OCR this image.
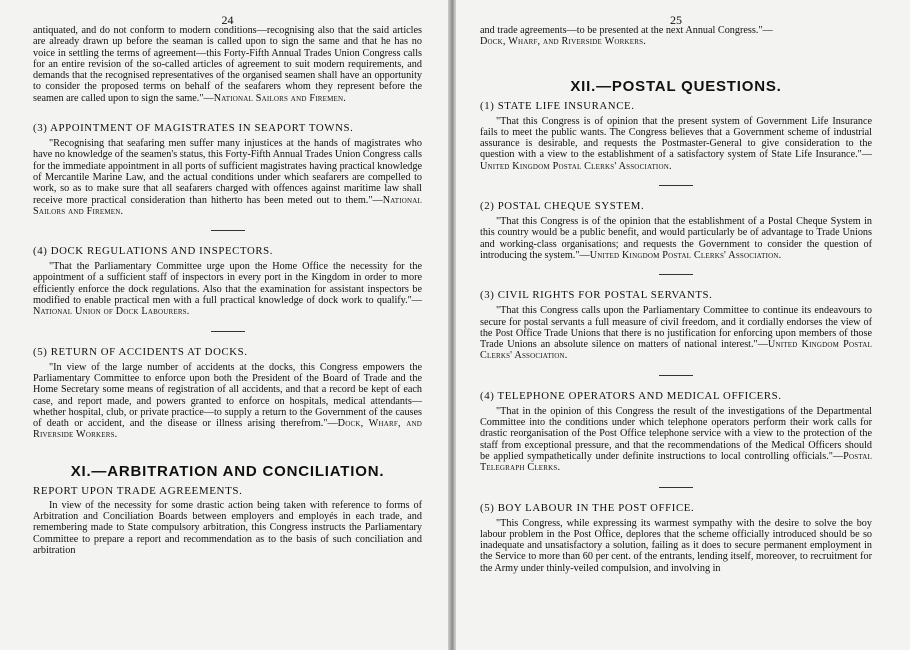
24

antiquated, and do not conform to modern conditions—recognising also that the said articles are already drawn up before the seaman is called upon to sign the same and that he has no voice in settling the terms of agreement—this Forty-Fifth Annual Trades Union Congress calls for an entire revision of the so-called articles of agreement to suit modern requirements, and demands that the recognised representatives of the organised seamen shall have an opportunity to consider the proposed terms on behalf of the seafarers whom they represent before the seamen are called upon to sign the same."—National Sailors and Firemen.

(3) APPOINTMENT OF MAGISTRATES IN SEAPORT TOWNS.

"Recognising that seafaring men suffer many injustices at the hands of magistrates who have no knowledge of the seamen's status, this Forty-Fifth Annual Trades Union Congress calls for the immediate appointment in all ports of sufficient magistrates having practical knowledge of Mercantile Marine Law, and the actual conditions under which seafarers are compelled to work, so as to make sure that all seafarers charged with offences against maritime law shall receive more practical consideration than hitherto has been meted out to them."—National Sailors and Firemen.

(4) DOCK REGULATIONS AND INSPECTORS.

"That the Parliamentary Committee urge upon the Home Office the necessity for the appointment of a sufficient staff of inspectors in every port in the Kingdom in order to more efficiently enforce the dock regulations. Also that the examination for assistant inspectors be modified to enable practical men with a full practical knowledge of dock work to qualify."—National Union of Dock Labourers.

(5) RETURN OF ACCIDENTS AT DOCKS.

"In view of the large number of accidents at the docks, this Congress empowers the Parliamentary Committee to enforce upon both the President of the Board of Trade and the Home Secretary some means of registration of all accidents, and that a record be kept of each case, and report made, and powers granted to enforce on hospitals, medical attendants—whether hospital, club, or private practice—to supply a return to the Government of the causes of death or accident, and the disease or illness arising therefrom."—Dock, Wharf, and Riverside Workers.

XI.—ARBITRATION AND CONCILIATION.
REPORT UPON TRADE AGREEMENTS.

In view of the necessity for some drastic action being taken with reference to forms of Arbitration and Conciliation Boards between employers and employés in each trade, and remembering made to State compulsory arbitration, this Congress instructs the Parliamentary Committee to prepare a report and recommendation as to the basis of such conciliation and arbitration

25

and trade agreements—to be presented at the next Annual Congress."—
Dock, Wharf, and Riverside Workers.

XII.—POSTAL QUESTIONS.
(1) STATE LIFE INSURANCE.

"That this Congress is of opinion that the present system of Government Life Insurance fails to meet the public wants. The Congress believes that a Government scheme of industrial assurance is desirable, and requests the Postmaster-General to give consideration to the question with a view to the establishment of a satisfactory system of State Life Insurance."—United Kingdom Postal Clerks' Association.

(2) POSTAL CHEQUE SYSTEM.

"That this Congress is of the opinion that the establishment of a Postal Cheque System in this country would be a public benefit, and would particularly be of advantage to Trade Unions and working-class organisations; and requests the Government to consider the question of introducing the system."—United Kingdom Postal Clerks' Association.

(3) CIVIL RIGHTS FOR POSTAL SERVANTS.

"That this Congress calls upon the Parliamentary Committee to continue its endeavours to secure for postal servants a full measure of civil freedom, and it cordially endorses the view of the Post Office Trade Unions that there is no justification for enforcing upon members of those Trade Unions an absolute silence on matters of national interest."—United Kingdom Postal Clerks' Association.

(4) TELEPHONE OPERATORS AND MEDICAL OFFICERS.

"That in the opinion of this Congress the result of the investigations of the Departmental Committee into the conditions under which telephone operators perform their work calls for drastic reorganisation of the Post Office telephone service with a view to the protection of the staff from exceptional pressure, and that the recommendations of the Medical Officers should be applied sympathetically under definite instructions to local controlling officials."—Postal Telegraph Clerks.

(5) BOY LABOUR IN THE POST OFFICE.

"This Congress, while expressing its warmest sympathy with the desire to solve the boy labour problem in the Post Office, deplores that the scheme officially introduced should be so inadequate and unsatisfactory a solution, failing as it does to secure permanent employment in the Service to more than 60 per cent. of the entrants, lending itself, moreover, to recruitment for the Army under thinly-veiled compulsion, and involving in
